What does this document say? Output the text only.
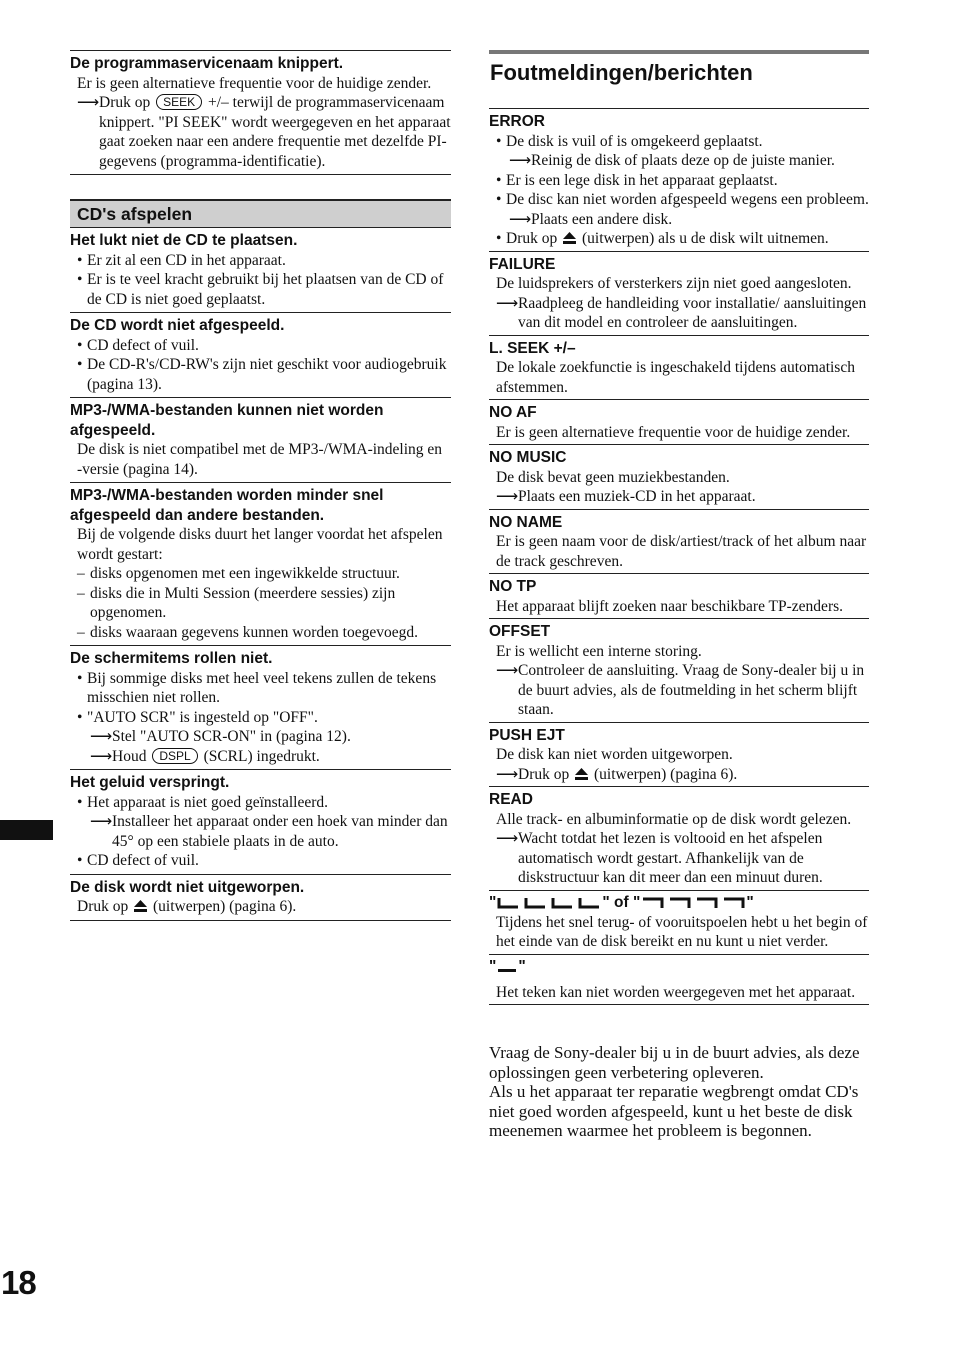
De programmaservicenaam knippert.
Er is geen alternatieve frequentie voor de huidige zender.
⟶Druk op SEEK +/– terwijl de programmaservicenaam knippert. "PI SEEK" wordt weergegeven en het apparaat gaat zoeken naar een andere frequentie met dezelfde PI-gegevens (programma-identificatie).
CD's afspelen
Het lukt niet de CD te plaatsen.
• Er zit al een CD in het apparaat.
• Er is te veel kracht gebruikt bij het plaatsen van de CD of de CD is niet goed geplaatst.
De CD wordt niet afgespeeld.
• CD defect of vuil.
• De CD-R's/CD-RW's zijn niet geschikt voor audiogebruik (pagina 13).
MP3-/WMA-bestanden kunnen niet worden afgespeeld.
De disk is niet compatibel met de MP3-/WMA-indeling en -versie (pagina 14).
MP3-/WMA-bestanden worden minder snel afgespeeld dan andere bestanden.
Bij de volgende disks duurt het langer voordat het afspelen wordt gestart:
– disks opgenomen met een ingewikkelde structuur.
– disks die in Multi Session (meerdere sessies) zijn opgenomen.
– disks waaraan gegevens kunnen worden toegevoegd.
De schermitems rollen niet.
• Bij sommige disks met heel veel tekens zullen de tekens misschien niet rollen.
• "AUTO SCR" is ingesteld op "OFF".
⟶Stel "AUTO SCR-ON" in (pagina 12).
⟶Houd DSPL (SCRL) ingedrukt.
Het geluid verspringt.
• Het apparaat is niet goed geïnstalleerd.
⟶Installeer het apparaat onder een hoek van minder dan 45° op een stabiele plaats in de auto.
• CD defect of vuil.
De disk wordt niet uitgeworpen.
Druk op (uitwerpen) (pagina 6).
Foutmeldingen/berichten
ERROR
• De disk is vuil of is omgekeerd geplaatst.
⟶Reinig de disk of plaats deze op de juiste manier.
• Er is een lege disk in het apparaat geplaatst.
• De disc kan niet worden afgespeeld wegens een probleem.
⟶Plaats een andere disk.
• Druk op (uitwerpen) als u de disk wilt uitnemen.
FAILURE
De luidsprekers of versterkers zijn niet goed aangesloten.
⟶Raadpleeg de handleiding voor installatie/ aansluitingen van dit model en controleer de aansluitingen.
L. SEEK +/–
De lokale zoekfunctie is ingeschakeld tijdens automatisch afstemmen.
NO AF
Er is geen alternatieve frequentie voor de huidige zender.
NO MUSIC
De disk bevat geen muziekbestanden.
⟶Plaats een muziek-CD in het apparaat.
NO NAME
Er is geen naam voor de disk/artiest/track of het album naar de track geschreven.
NO TP
Het apparaat blijft zoeken naar beschikbare TP-zenders.
OFFSET
Er is wellicht een interne storing.
⟶Controleer de aansluiting. Vraag de Sony-dealer bij u in de buurt advies, als de foutmelding in het scherm blijft staan.
PUSH EJT
De disk kan niet worden uitgeworpen.
⟶Druk op (uitwerpen) (pagina 6).
READ
Alle track- en albuminformatie op de disk wordt gelezen.
⟶Wacht totdat het lezen is voltooid en het afspelen automatisch wordt gestart. Afhankelijk van de diskstructuur kan dit meer dan een minuut duren.
"	" of "	"
Tijdens het snel terug- of vooruitspoelen hebt u het begin of het einde van de disk bereikt en nu kunt u niet verder.
" "
Het teken kan niet worden weergegeven met het apparaat.
Vraag de Sony-dealer bij u in de buurt advies, als deze oplossingen geen verbetering opleveren.
Als u het apparaat ter reparatie wegbrengt omdat CD's niet goed worden afgespeeld, kunt u het beste de disk meenemen waarmee het probleem is begonnen.
18
